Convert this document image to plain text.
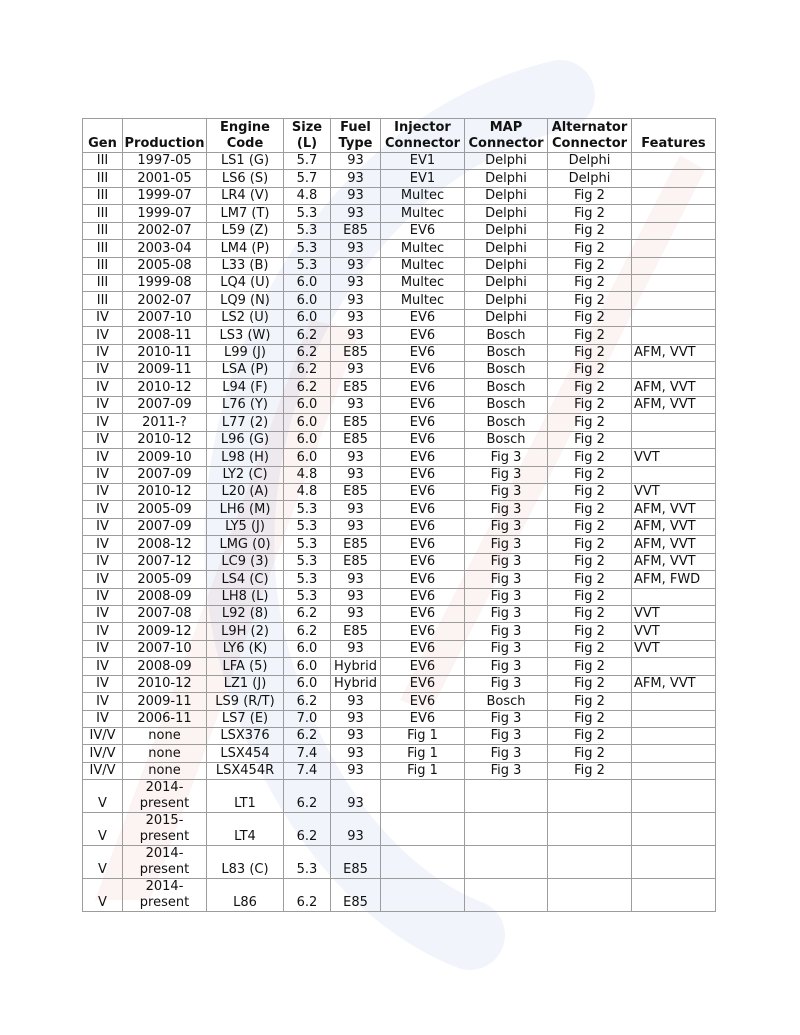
Gen	Production	Engine Code	Size (L)	Fuel Type	Injector Connector	MAP Connector	Alternator Connector	Features
III	1997-05	LS1 (G)	5.7	93	EV1	Delphi	Delphi	
III	2001-05	LS6 (S)	5.7	93	EV1	Delphi	Delphi	
III	1999-07	LR4 (V)	4.8	93	Multec	Delphi	Fig 2	
III	1999-07	LM7 (T)	5.3	93	Multec	Delphi	Fig 2	
III	2002-07	L59 (Z)	5.3	E85	EV6	Delphi	Fig 2	
III	2003-04	LM4 (P)	5.3	93	Multec	Delphi	Fig 2	
III	2005-08	L33 (B)	5.3	93	Multec	Delphi	Fig 2	
III	1999-08	LQ4 (U)	6.0	93	Multec	Delphi	Fig 2	
III	2002-07	LQ9 (N)	6.0	93	Multec	Delphi	Fig 2	
IV	2007-10	LS2 (U)	6.0	93	EV6	Delphi	Fig 2	
IV	2008-11	LS3 (W)	6.2	93	EV6	Bosch	Fig 2	
IV	2010-11	L99 (J)	6.2	E85	EV6	Bosch	Fig 2	AFM, VVT
IV	2009-11	LSA (P)	6.2	93	EV6	Bosch	Fig 2	
IV	2010-12	L94 (F)	6.2	E85	EV6	Bosch	Fig 2	AFM, VVT
IV	2007-09	L76 (Y)	6.0	93	EV6	Bosch	Fig 2	AFM, VVT
IV	2011-?	L77 (2)	6.0	E85	EV6	Bosch	Fig 2	
IV	2010-12	L96 (G)	6.0	E85	EV6	Bosch	Fig 2	
IV	2009-10	L98 (H)	6.0	93	EV6	Fig 3	Fig 2	VVT
IV	2007-09	LY2 (C)	4.8	93	EV6	Fig 3	Fig 2	
IV	2010-12	L20 (A)	4.8	E85	EV6	Fig 3	Fig 2	VVT
IV	2005-09	LH6 (M)	5.3	93	EV6	Fig 3	Fig 2	AFM, VVT
IV	2007-09	LY5 (J)	5.3	93	EV6	Fig 3	Fig 2	AFM, VVT
IV	2008-12	LMG (0)	5.3	E85	EV6	Fig 3	Fig 2	AFM, VVT
IV	2007-12	LC9 (3)	5.3	E85	EV6	Fig 3	Fig 2	AFM, VVT
IV	2005-09	LS4 (C)	5.3	93	EV6	Fig 3	Fig 2	AFM, FWD
IV	2008-09	LH8 (L)	5.3	93	EV6	Fig 3	Fig 2	
IV	2007-08	L92 (8)	6.2	93	EV6	Fig 3	Fig 2	VVT
IV	2009-12	L9H (2)	6.2	E85	EV6	Fig 3	Fig 2	VVT
IV	2007-10	LY6 (K)	6.0	93	EV6	Fig 3	Fig 2	VVT
IV	2008-09	LFA (5)	6.0	Hybrid	EV6	Fig 3	Fig 2	
IV	2010-12	LZ1 (J)	6.0	Hybrid	EV6	Fig 3	Fig 2	AFM, VVT
IV	2009-11	LS9 (R/T)	6.2	93	EV6	Bosch	Fig 2	
IV	2006-11	LS7 (E)	7.0	93	EV6	Fig 3	Fig 2	
IV/V	none	LSX376	6.2	93	Fig 1	Fig 3	Fig 2	
IV/V	none	LSX454	7.4	93	Fig 1	Fig 3	Fig 2	
IV/V	none	LSX454R	7.4	93	Fig 1	Fig 3	Fig 2	
V	2014-present	LT1	6.2	93				
V	2015-present	LT4	6.2	93				
V	2014-present	L83 (C)	5.3	E85				
V	2014-present	L86	6.2	E85				
